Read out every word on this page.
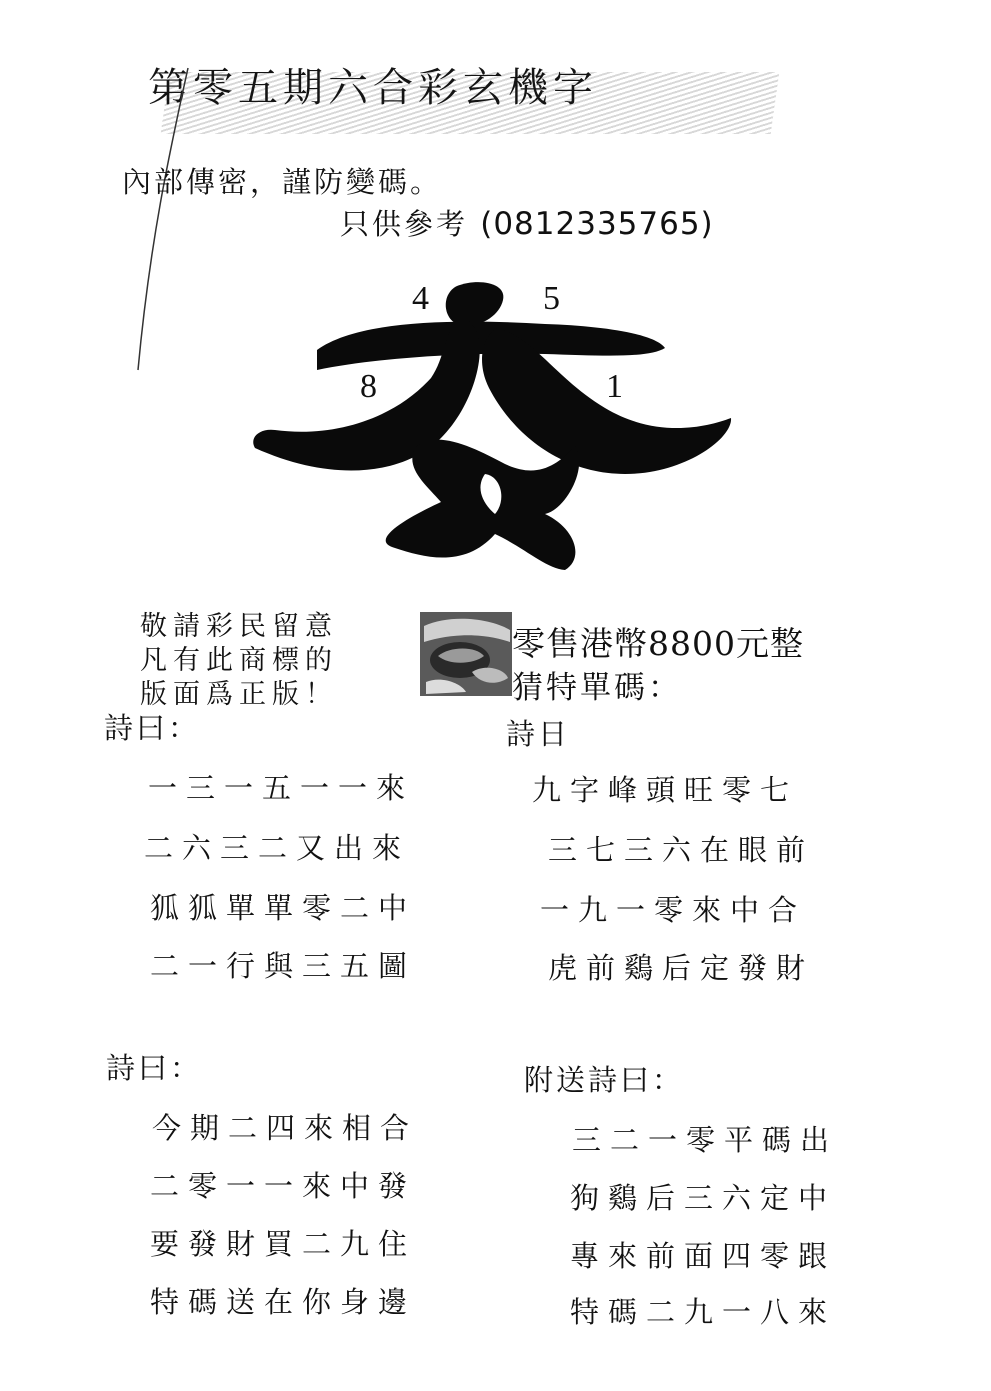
第零五期六合彩玄機字
內部傳密，謹防變碼。
只供參考 (0812335765)
4	5
8	1
敬請彩民留意
凡有此商標的
版面爲正版！
零售港幣8800元整
猜特單碼：
詩曰：	詩日
一三一五一一來
二六三二又出來
狐狐單單零二中
二一行與三五圖
九字峰頭旺零七
三七三六在眼前
一九一零來中合
虎前鷄后定發財
詩曰：	附送詩曰：
今期二四來相合
二零一一來中發
要發財買二九住
特碼送在你身邊
三二一零平碼出
狗鷄后三六定中
專來前面四零跟
特碼二九一八來
